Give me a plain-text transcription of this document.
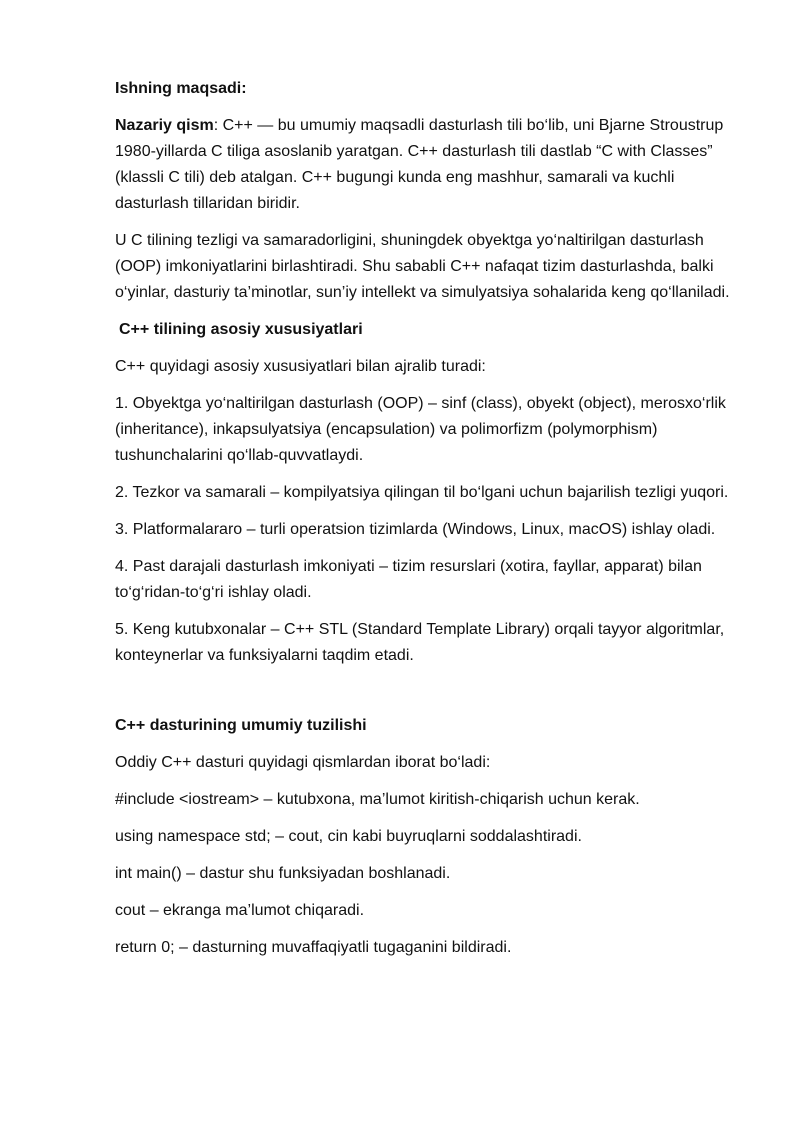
Ishning maqsadi:

Nazariy qism: C++ — bu umumiy maqsadli dasturlash tili bo‘lib, uni Bjarne Stroustrup 1980-yillarda C tiliga asoslanib yaratgan. C++ dasturlash tili dastlab “C with Classes” (klassli C tili) deb atalgan. C++ bugungi kunda eng mashhur, samarali va kuchli dasturlash tillaridan biridir.

U C tilining tezligi va samaradorligini, shuningdek obyektga yo‘naltirilgan dasturlash (OOP) imkoniyatlarini birlashtiradi. Shu sababli C++ nafaqat tizim dasturlashda, balki o‘yinlar, dasturiy ta’minotlar, sun’iy intellekt va simulyatsiya sohalarida keng qo‘llaniladi.

C++ tilining asosiy xususiyatlari

C++ quyidagi asosiy xususiyatlari bilan ajralib turadi:

1. Obyektga yo‘naltirilgan dasturlash (OOP) – sinf (class), obyekt (object), merosxo‘rlik (inheritance), inkapsulyatsiya (encapsulation) va polimorfizm (polymorphism) tushunchalarini qo‘llab-quvvatlaydi.

2. Tezkor va samarali – kompilyatsiya qilingan til bo‘lgani uchun bajarilish tezligi yuqori.

3. Platformalararo – turli operatsion tizimlarda (Windows, Linux, macOS) ishlay oladi.

4. Past darajali dasturlash imkoniyati – tizim resurslari (xotira, fayllar, apparat) bilan to‘g‘ridan-to‘g‘ri ishlay oladi.

5. Keng kutubxonalar – C++ STL (Standard Template Library) orqali tayyor algoritmlar, konteynerlar va funksiyalarni taqdim etadi.

C++ dasturining umumiy tuzilishi

Oddiy C++ dasturi quyidagi qismlardan iborat bo‘ladi:

#include <iostream> – kutubxona, ma’lumot kiritish-chiqarish uchun kerak.

using namespace std; – cout, cin kabi buyruqlarni soddalashtiradi.

int main() – dastur shu funksiyadan boshlanadi.

cout – ekranga ma’lumot chiqaradi.

return 0; – dasturning muvaffaqiyatli tugaganini bildiradi.
